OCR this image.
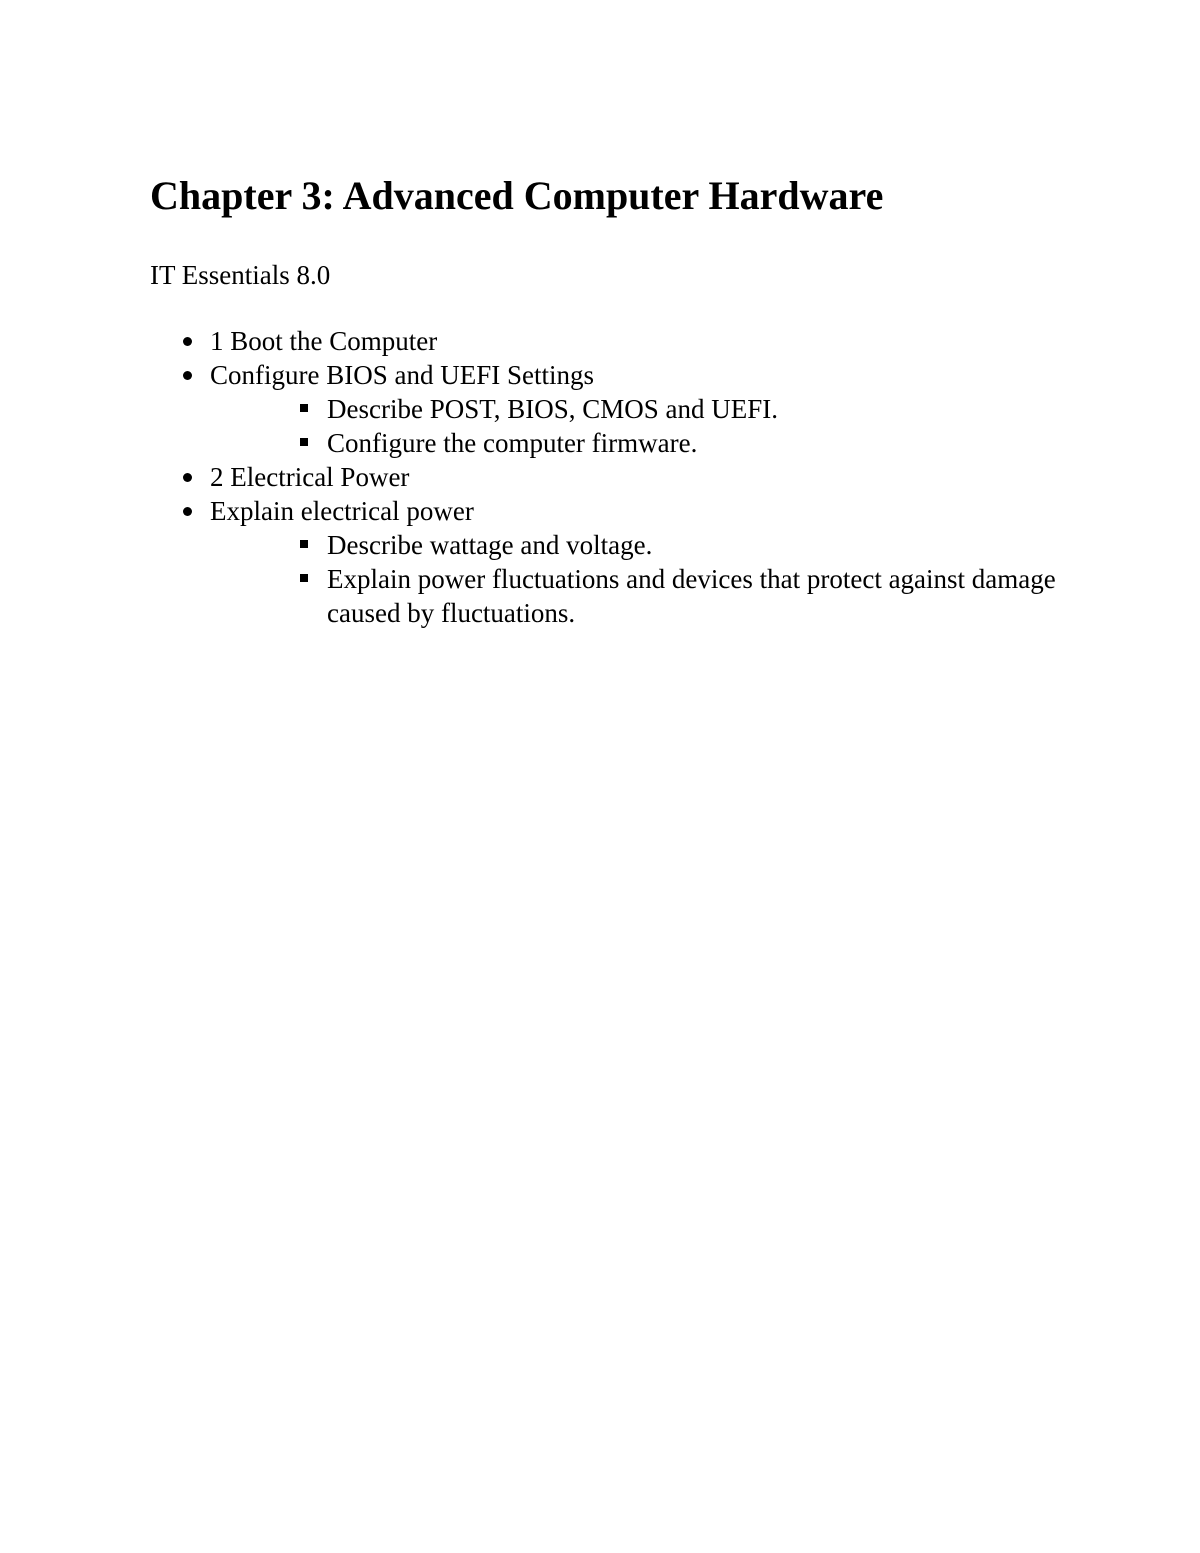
Chapter 3: Advanced Computer Hardware

IT Essentials 8.0

1 Boot the Computer
Configure BIOS and UEFI Settings
Describe POST, BIOS, CMOS and UEFI.
Configure the computer firmware.
2 Electrical Power
Explain electrical power
Describe wattage and voltage.
Explain power fluctuations and devices that protect against damage caused by fluctuations.
